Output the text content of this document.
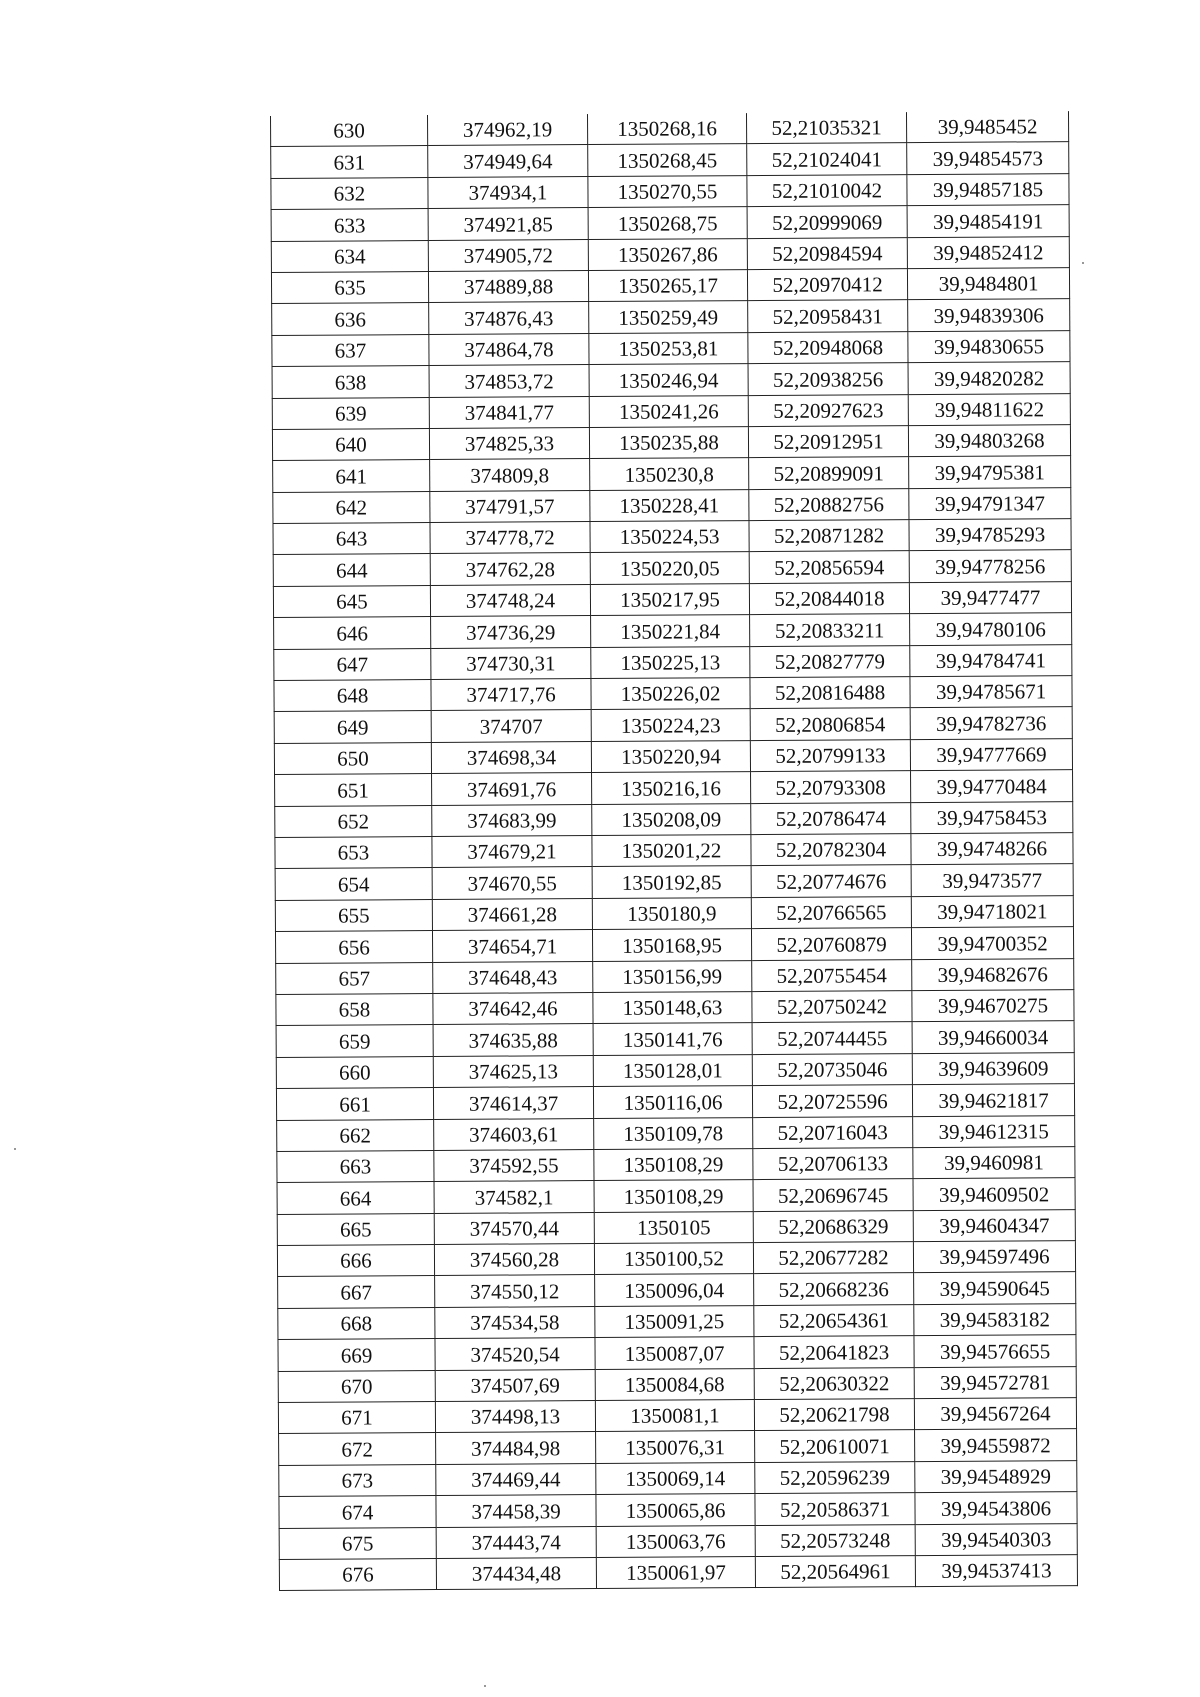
630	374962,19	1350268,16	52,21035321	39,9485452
631	374949,64	1350268,45	52,21024041	39,94854573
632	374934,1	1350270,55	52,21010042	39,94857185
633	374921,85	1350268,75	52,20999069	39,94854191
634	374905,72	1350267,86	52,20984594	39,94852412
635	374889,88	1350265,17	52,20970412	39,9484801
636	374876,43	1350259,49	52,20958431	39,94839306
637	374864,78	1350253,81	52,20948068	39,94830655
638	374853,72	1350246,94	52,20938256	39,94820282
639	374841,77	1350241,26	52,20927623	39,94811622
640	374825,33	1350235,88	52,20912951	39,94803268
641	374809,8	1350230,8	52,20899091	39,94795381
642	374791,57	1350228,41	52,20882756	39,94791347
643	374778,72	1350224,53	52,20871282	39,94785293
644	374762,28	1350220,05	52,20856594	39,94778256
645	374748,24	1350217,95	52,20844018	39,9477477
646	374736,29	1350221,84	52,20833211	39,94780106
647	374730,31	1350225,13	52,20827779	39,94784741
648	374717,76	1350226,02	52,20816488	39,94785671
649	374707	1350224,23	52,20806854	39,94782736
650	374698,34	1350220,94	52,20799133	39,94777669
651	374691,76	1350216,16	52,20793308	39,94770484
652	374683,99	1350208,09	52,20786474	39,94758453
653	374679,21	1350201,22	52,20782304	39,94748266
654	374670,55	1350192,85	52,20774676	39,9473577
655	374661,28	1350180,9	52,20766565	39,94718021
656	374654,71	1350168,95	52,20760879	39,94700352
657	374648,43	1350156,99	52,20755454	39,94682676
658	374642,46	1350148,63	52,20750242	39,94670275
659	374635,88	1350141,76	52,20744455	39,94660034
660	374625,13	1350128,01	52,20735046	39,94639609
661	374614,37	1350116,06	52,20725596	39,94621817
662	374603,61	1350109,78	52,20716043	39,94612315
663	374592,55	1350108,29	52,20706133	39,9460981
664	374582,1	1350108,29	52,20696745	39,94609502
665	374570,44	1350105	52,20686329	39,94604347
666	374560,28	1350100,52	52,20677282	39,94597496
667	374550,12	1350096,04	52,20668236	39,94590645
668	374534,58	1350091,25	52,20654361	39,94583182
669	374520,54	1350087,07	52,20641823	39,94576655
670	374507,69	1350084,68	52,20630322	39,94572781
671	374498,13	1350081,1	52,20621798	39,94567264
672	374484,98	1350076,31	52,20610071	39,94559872
673	374469,44	1350069,14	52,20596239	39,94548929
674	374458,39	1350065,86	52,20586371	39,94543806
675	374443,74	1350063,76	52,20573248	39,94540303
676	374434,48	1350061,97	52,20564961	39,94537413
